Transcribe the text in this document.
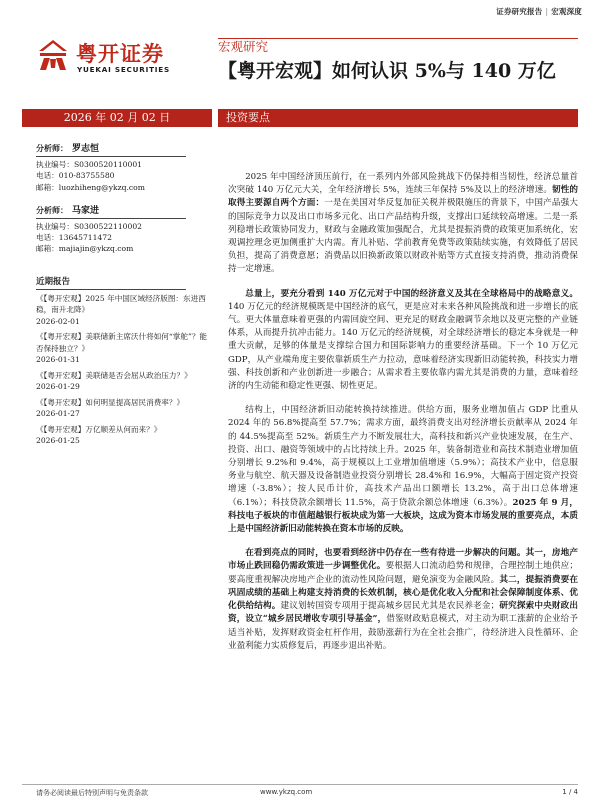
证券研究报告 | 宏观深度
粤开证券
YUEKAI SECURITIES
宏观研究
【粤开宏观】如何认识 5%与 140 万亿
2026 年 02 月 02 日	投资要点
分析师： 罗志恒
执业编号：S0300520110001
电话：010-83755580
邮箱：luozhiheng@ykzq.com
分析师： 马家进
执业编号：S0300522110002
电话：13645711472
邮箱：majiajin@ykzq.com
近期报告
《【粤开宏观】2025 年中国区域经济版图：东进西稳，南升北降》
2026-02-01
《【粤开宏观】美联储新主席沃什将如何“掌舵”？能否保持独立？》
2026-01-31
《【粤开宏观】美联储是否会屈从政治压力？》
2026-01-29
《【粤开宏观】如何明显提高居民消费率？》
2026-01-27
《【粤开宏观】万亿顺差从何而来？》
2026-01-25

2025 年中国经济顶压前行，在一系列内外部风险挑战下仍保持相当韧性，经济总量首次突破 140 万亿元大关，全年经济增长 5%，连续三年保持 5%及以上的经济增速。韧性的取得主要源自两个方面：一是在美国对华反复加征关税并极限施压的背景下，中国产品强大的国际竞争力以及出口市场多元化、出口产品结构升级，支撑出口延续较高增速。二是一系列稳增长政策协同发力，财政与金融政策加强配合，尤其是提振消费的政策更加系统化，宏观调控理念更加侧重扩大内需。育儿补贴、学前教育免费等政策陆续实施，有效降低了居民负担，提高了消费意愿；消费品以旧换新政策以财政补贴等方式直接支持消费，推动消费保持一定增速。

总量上，要充分看到 140 万亿元对于中国的经济意义及其在全球格局中的战略意义。140 万亿元的经济规模既是中国经济的底气，更是应对未来各种风险挑战和进一步增长的底气。更大体量意味着更强的内需回旋空间、更充足的财政金融调节余地以及更完整的产业链体系，从而提升抗冲击能力。140 万亿元的经济规模，对全球经济增长的稳定本身就是一种重大贡献，足够的体量是支撑综合国力和国际影响力的重要经济基础。下一个 10 万亿元 GDP，从产业端角度主要依靠新质生产力拉动，意味着经济实现新旧动能转换，科技实力增强、科技创新和产业创新进一步融合；从需求看主要依靠内需尤其是消费的力量，意味着经济的内生动能和稳定性更强、韧性更足。

结构上，中国经济新旧动能转换持续推进。供给方面，服务业增加值占 GDP 比重从 2024 年的 56.8%提高至 57.7%；需求方面，最终消费支出对经济增长贡献率从 2024 年的 44.5%提高至 52%。新质生产力不断发展壮大，高科技和新兴产业快速发展，在生产、投资、出口、融资等领域中的占比持续上升。2025 年，装备制造业和高技术制造业增加值分别增长 9.2%和 9.4%，高于规模以上工业增加值增速（5.9%）；高技术产业中，信息服务业与航空、航天器及设备制造业投资分别增长 28.4%和 16.9%，大幅高于固定资产投资增速（-3.8%）；按人民币计价，高技术产品出口额增长 13.2%，高于出口总体增速（6.1%）；科技贷款余额增长 11.5%，高于贷款余额总体增速（6.3%）。2025 年 9 月，科技电子板块的市值超越银行板块成为第一大板块，这成为资本市场发展的重要亮点，本质上是中国经济新旧动能转换在资本市场的反映。

在看到亮点的同时，也要看到经济中仍存在一些有待进一步解决的问题。其一，房地产市场止跌回稳仍需政策进一步调整优化。要根据人口流动趋势和规律，合理控制土地供应；要高度重视解决房地产企业的流动性风险问题，避免演变为金融风险。其二，提振消费要在巩固成绩的基础上构建支持消费的长效机制，核心是优化收入分配和社会保障制度体系、优化供给结构。建议划转国资专项用于提高城乡居民尤其是农民养老金；研究探索中央财政出资，设立“城乡居民增收专项引导基金”，借鉴财政贴息模式，对主动为职工涨薪的企业给予适当补贴，发挥财政资金杠杆作用，鼓励涨薪行为在全社会推广，待经济进入良性循环、企业盈利能力实质修复后，再逐步退出补贴。

请务必阅读最后特别声明与免责条款	www.ykzq.com	1 / 4
